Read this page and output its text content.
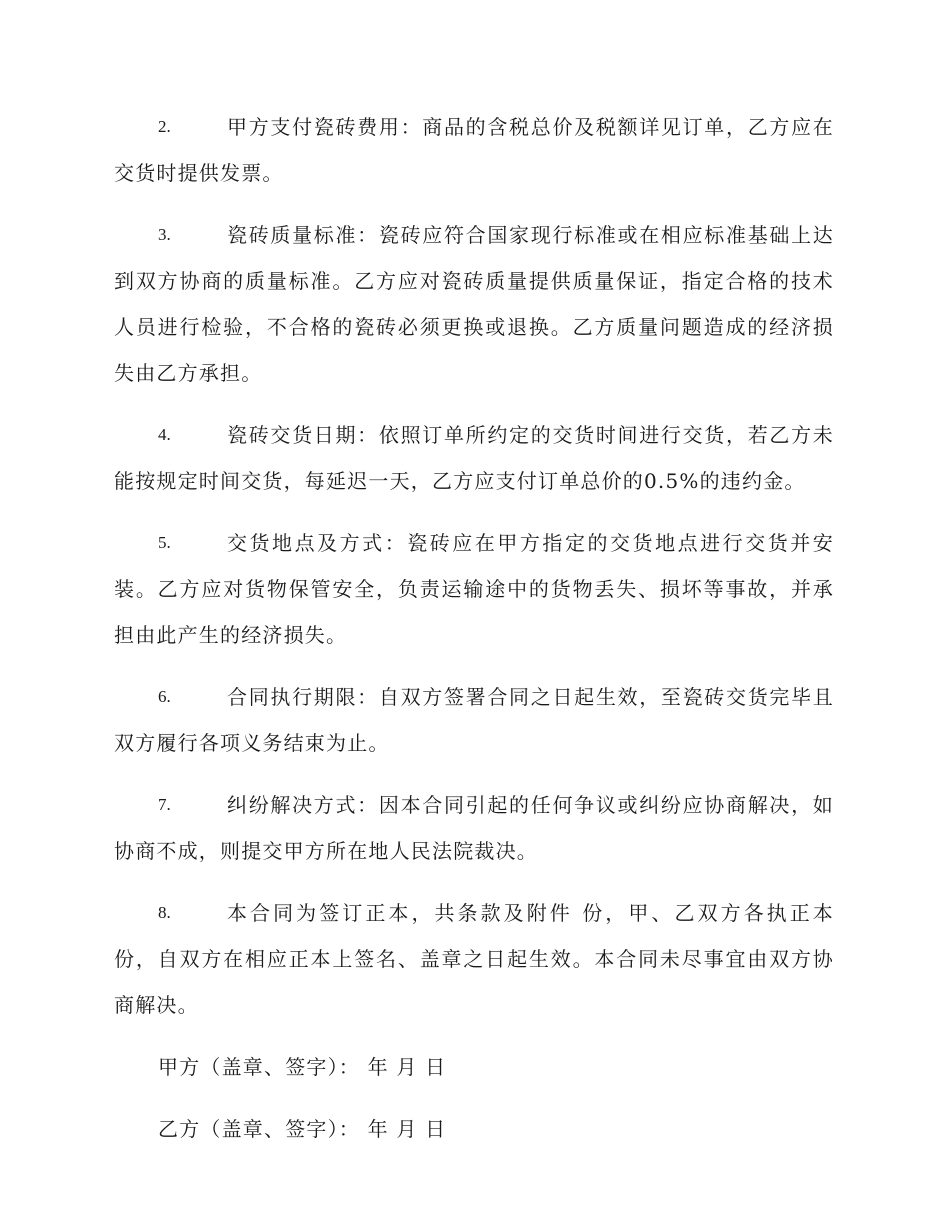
2.	甲方支付瓷砖费用：商品的含税总价及税额详见订单，乙方应在交货时提供发票。

3.	瓷砖质量标准：瓷砖应符合国家现行标准或在相应标准基础上达到双方协商的质量标准。乙方应对瓷砖质量提供质量保证，指定合格的技术人员进行检验，不合格的瓷砖必须更换或退换。乙方质量问题造成的经济损失由乙方承担。

4.	瓷砖交货日期：依照订单所约定的交货时间进行交货，若乙方未能按规定时间交货，每延迟一天，乙方应支付订单总价的0.5%的违约金。

5.	交货地点及方式：瓷砖应在甲方指定的交货地点进行交货并安装。乙方应对货物保管安全，负责运输途中的货物丢失、损坏等事故，并承担由此产生的经济损失。

6.	合同执行期限：自双方签署合同之日起生效，至瓷砖交货完毕且双方履行各项义务结束为止。

7.	纠纷解决方式：因本合同引起的任何争议或纠纷应协商解决，如协商不成，则提交甲方所在地人民法院裁决。

8.	本合同为签订正本，共条款及附件 份，甲、乙双方各执正本 份，自双方在相应正本上签名、盖章之日起生效。本合同未尽事宜由双方协商解决。

甲方（盖章、签字）： 年 月 日
乙方（盖章、签字）： 年 月 日
